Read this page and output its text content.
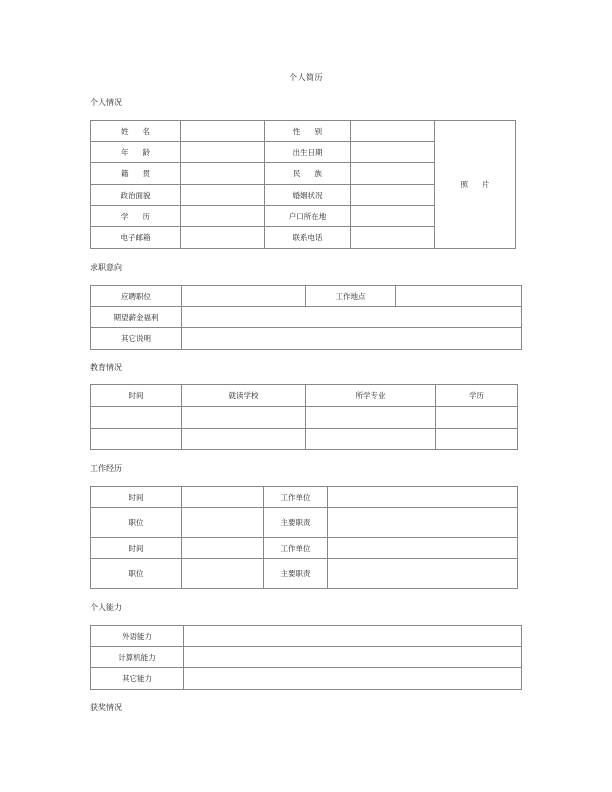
个人简历
个人情况
姓名		性别		照片
年龄		出生日期		
籍贯		民族		
政治面貌		婚姻状况		
学历		户口所在地		
电子邮箱		联系电话		
求职意向
应聘职位		工作地点	
期望薪金福利			
其它说明			
教育情况
时间	就读学校	所学专业	学历

工作经历
时间		工作单位	
职位		主要职责	
时间		工作单位	
职位		主要职责	
个人能力
外语能力	
计算机能力	
其它能力	
获奖情况
